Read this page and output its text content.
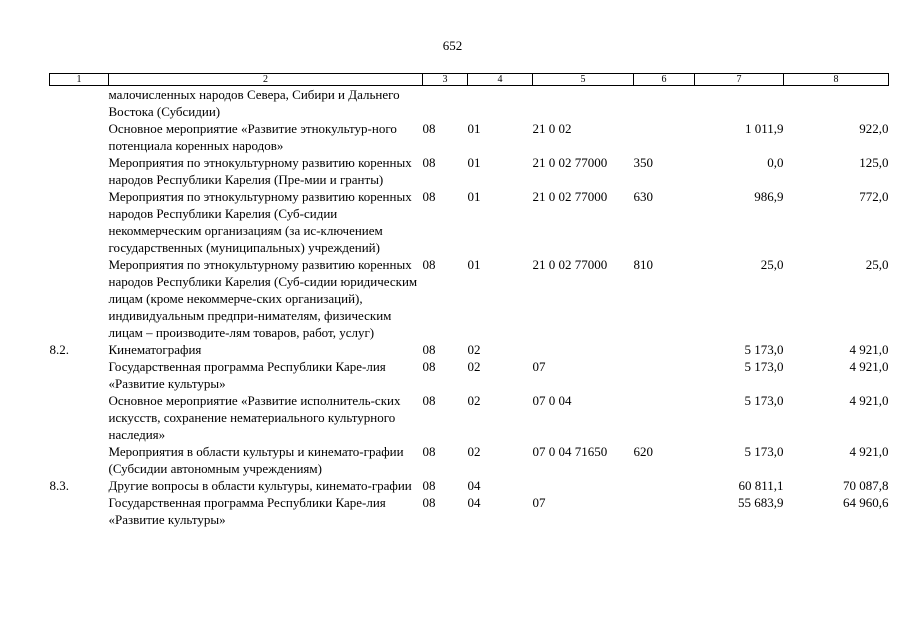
652
1	2	3	4	5	6	7	8
	малочисленных народов Севера, Сибири и Дальнего Востока (Субсидии)						
	Основное мероприятие «Развитие этнокультур-ного потенциала коренных народов»	08	01	21 0 02		1 011,9	922,0
	Мероприятия по этнокультурному развитию коренных народов Республики Карелия (Пре-мии и гранты)	08	01	21 0 02 77000	350	0,0	125,0
	Мероприятия по этнокультурному развитию коренных народов Республики Карелия (Суб-сидии некоммерческим организациям (за ис-ключением государственных (муниципальных) учреждений)	08	01	21 0 02 77000	630	986,9	772,0
	Мероприятия по этнокультурному развитию коренных народов Республики Карелия (Суб-сидии юридическим лицам (кроме некоммерче-ских организаций), индивидуальным предпри-нимателям, физическим лицам – производите-лям товаров, работ, услуг)	08	01	21 0 02 77000	810	25,0	25,0
8.2.	Кинематография	08	02			5 173,0	4 921,0
	Государственная программа Республики Каре-лия «Развитие культуры»	08	02	07		5 173,0	4 921,0
	Основное мероприятие «Развитие исполнитель-ских искусств, сохранение нематериального культурного наследия»	08	02	07 0 04		5 173,0	4 921,0
	Мероприятия в области культуры и кинемато-графии (Субсидии автономным учреждениям)	08	02	07 0 04 71650	620	5 173,0	4 921,0
8.3.	Другие вопросы в области культуры, кинемато-графии	08	04			60 811,1	70 087,8
	Государственная программа Республики Каре-лия «Развитие культуры»	08	04	07		55 683,9	64 960,6
